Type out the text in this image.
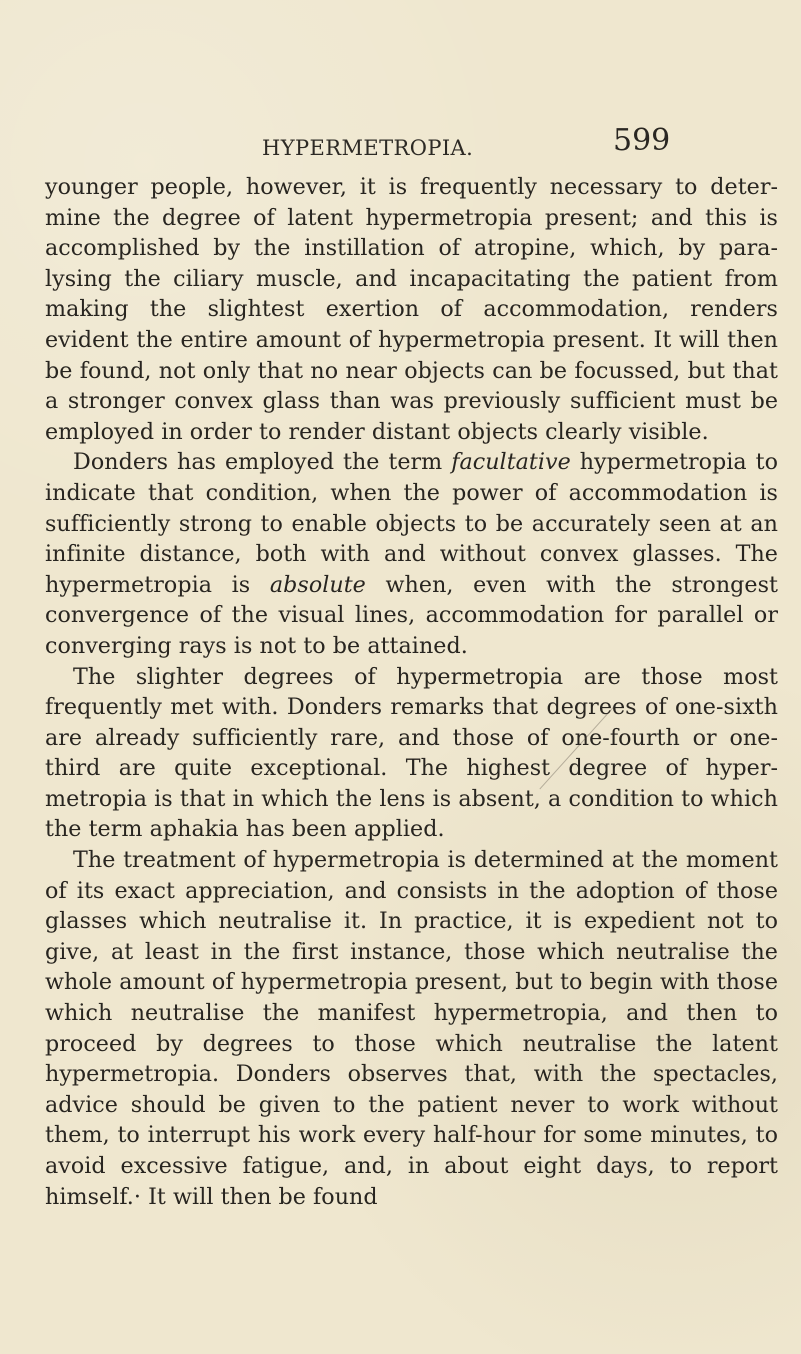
HYPERMETROPIA.	599

younger people, however, it is frequently necessary to determine the degree of latent hypermetropia present; and this is accomplished by the instillation of atropine, which, by paralysing the ciliary muscle, and incapacitating the patient from making the slightest exertion of accommodation, renders evident the entire amount of hypermetropia present. It will then be found, not only that no near objects can be focussed, but that a stronger convex glass than was previously sufficient must be employed in order to render distant objects clearly visible.

Donders has employed the term facultative hypermetropia to indicate that condition, when the power of accommodation is sufficiently strong to enable objects to be accurately seen at an infinite distance, both with and without convex glasses. The hypermetropia is absolute when, even with the strongest convergence of the visual lines, accommodation for parallel or converging rays is not to be attained.

The slighter degrees of hypermetropia are those most frequently met with. Donders remarks that degrees of one-sixth are already sufficiently rare, and those of one-fourth or one-third are quite exceptional. The highest degree of hypermetropia is that in which the lens is absent, a condition to which the term aphakia has been applied.

The treatment of hypermetropia is determined at the moment of its exact appreciation, and consists in the adoption of those glasses which neutralise it. In practice, it is expedient not to give, at least in the first instance, those which neutralise the whole amount of hypermetropia present, but to begin with those which neutralise the manifest hypermetropia, and then to proceed by degrees to those which neutralise the latent hypermetropia. Donders observes that, with the spectacles, advice should be given to the patient never to work without them, to interrupt his work every half-hour for some minutes, to avoid excessive fatigue, and, in about eight days, to report himself.· It will then be found
